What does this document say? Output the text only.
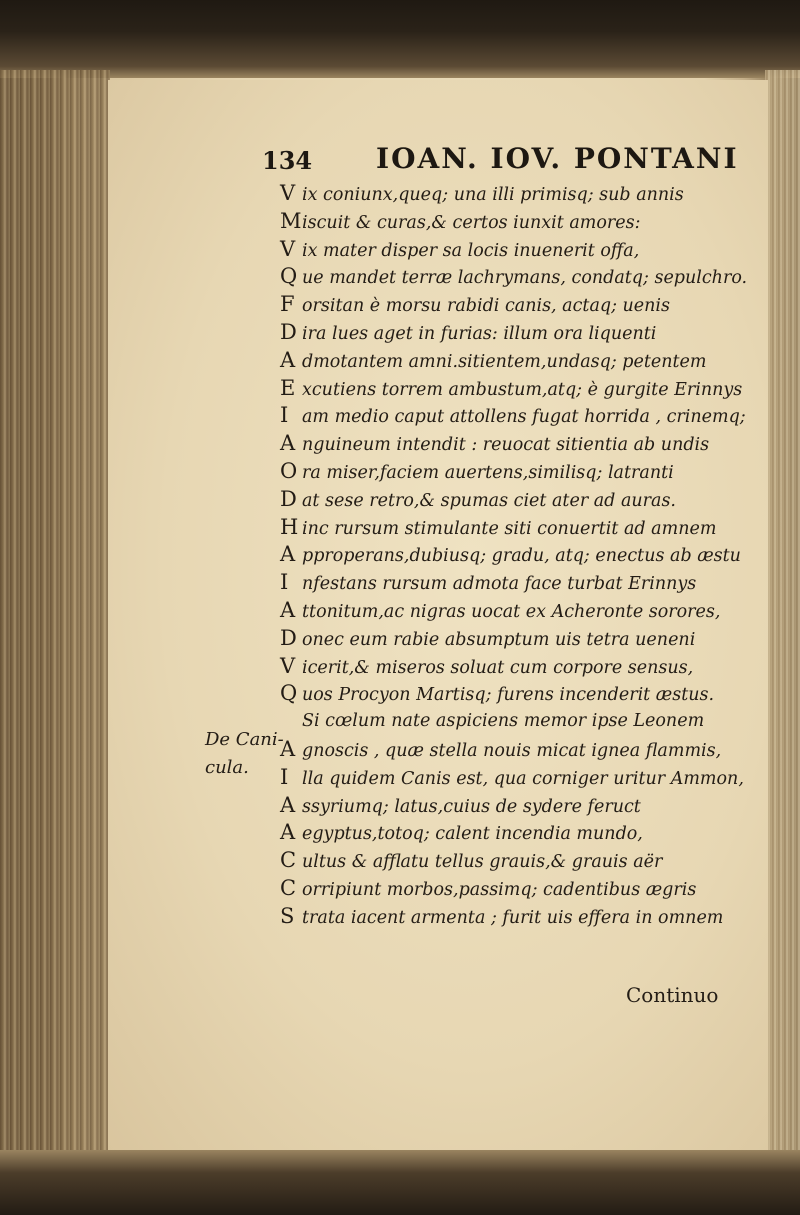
134 IOAN. IOV. PONTANI
De Cani-
cula.
V ix coniunx,queq; una illi primisq; sub annis
Miscuit & curas,& certos iunxit amores:
V ix mater disper sa locis inuenerit offa,
Q ue mandet terræ lachrymans, condatq; sepulchro.
F orsitan è morsu rabidi canis, actaq; uenis
D ira lues aget in furias: illum ora liquenti
A dmotantem amni.sitientem,undasq; petentem
E xcutiens torrem ambustum,atq; è gurgite Erinnys
I am medio caput attollens fugat horrida , crinemq;
A nguineum intendit : reuocat sitientia ab undis
O ra miser,faciem auertens,similisq; latranti
D at sese retro,& spumas ciet ater ad auras.
H inc rursum stimulante siti conuertit ad amnem
A pproperans,dubiusq; gradu, atq; enectus ab æstu
I nfestans rursum admota face turbat Erinnys
A ttonitum,ac nigras uocat ex Acheronte sorores,
D onec eum rabie absumptum uis tetra ueneni
V icerit,& miseros soluat cum corpore sensus,
Q uos Procyon Martisq; furens incenderit æstus.
Si cœlum nate aspiciens memor ipse Leonem
A gnoscis , quæ stella nouis micat ignea flammis,
I lla quidem Canis est, qua corniger uritur Ammon,
A ssyriumq; latus,cuius de sydere feruct
A egyptus,totoq; calent incendia mundo,
C ultus & afflatu tellus grauis,& grauis aër
C orripiunt morbos,passimq; cadentibus ægris
S trata iacent armenta ; furit uis effera in omnem
Continuo
